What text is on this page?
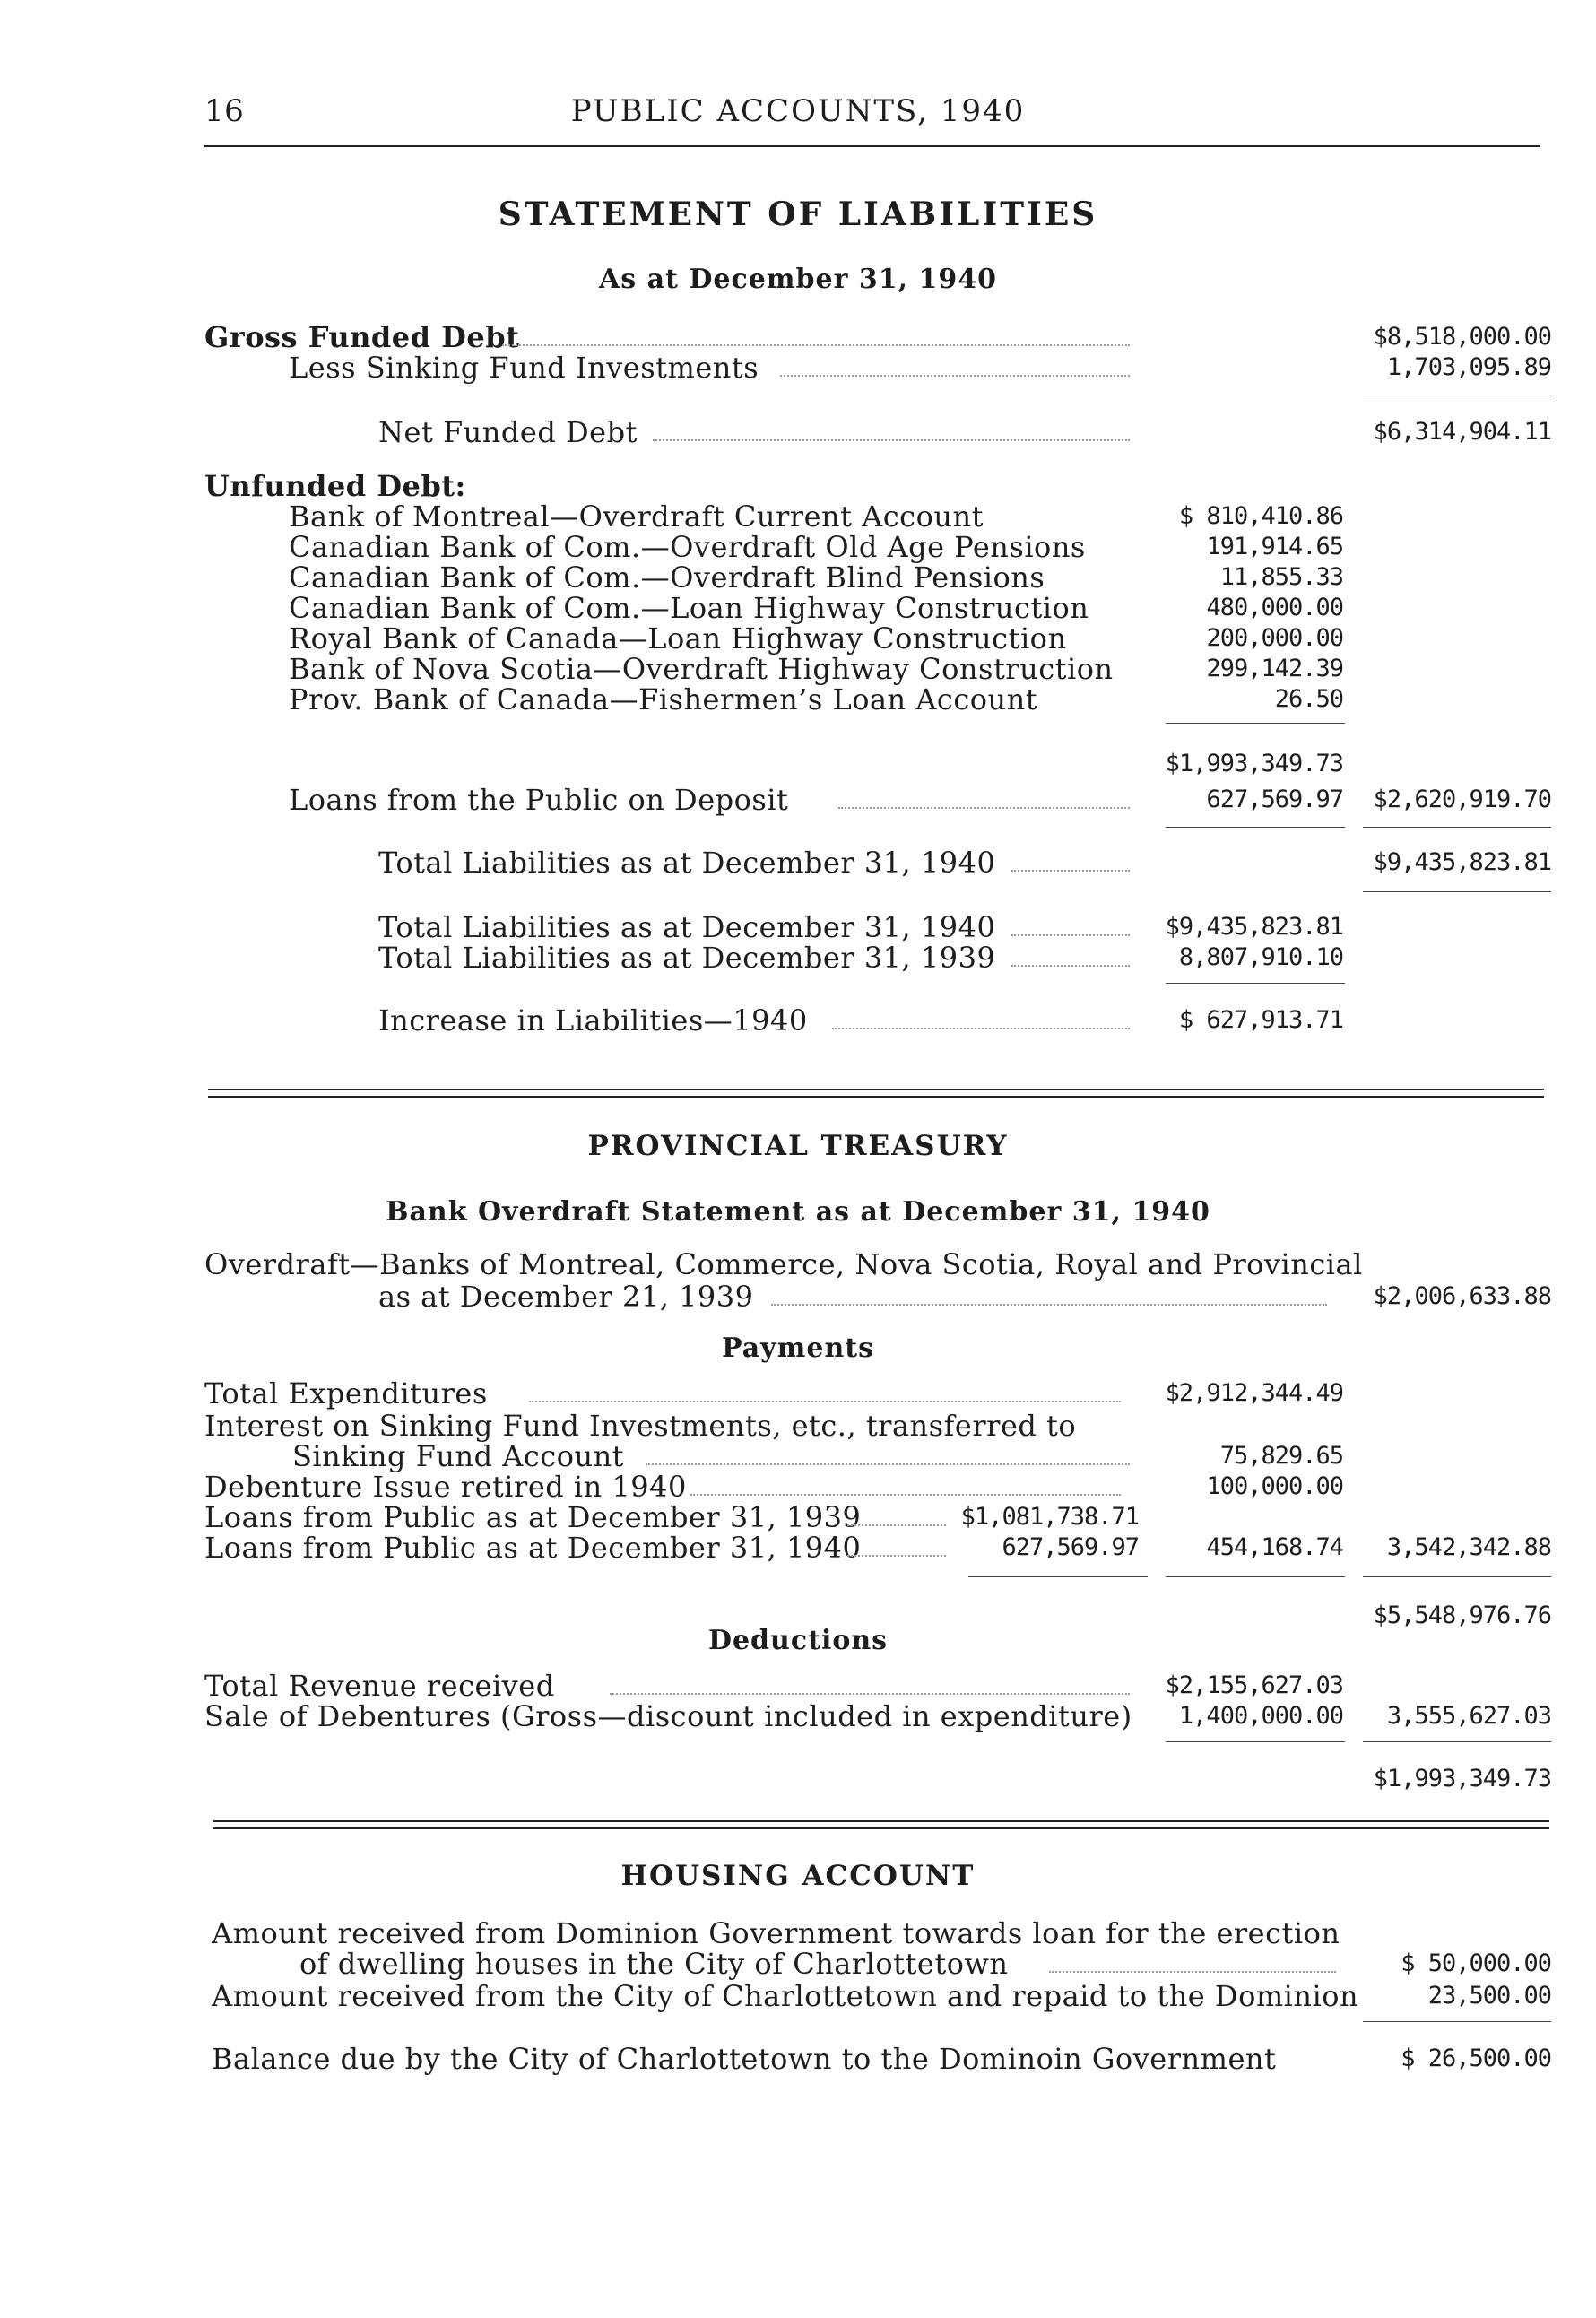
16	PUBLIC ACCOUNTS, 1940
STATEMENT OF LIABILITIES
As at December 31, 1940
Gross Funded Debt	$8,518,000.00
Less Sinking Fund Investments	1,703,095.89
Net Funded Debt	$6,314,904.11
Unfunded Debt:
Bank of Montreal—Overdraft Current Account	$ 810,410.86
Canadian Bank of Com.—Overdraft Old Age Pensions	191,914.65
Canadian Bank of Com.—Overdraft Blind Pensions	11,855.33
Canadian Bank of Com.—Loan Highway Construction	480,000.00
Royal Bank of Canada—Loan Highway Construction	200,000.00
Bank of Nova Scotia—Overdraft Highway Construction	299,142.39
Prov. Bank of Canada—Fishermen’s Loan Account	26.50
$1,993,349.73
Loans from the Public on Deposit	627,569.97 $2,620,919.70
Total Liabilities as at December 31, 1940	$9,435,823.81
Total Liabilities as at December 31, 1940	$9,435,823.81
Total Liabilities as at December 31, 1939	8,807,910.10
Increase in Liabilities—1940	$ 627,913.71
PROVINCIAL TREASURY
Bank Overdraft Statement as at December 31, 1940
Overdraft—Banks of Montreal, Commerce, Nova Scotia, Royal and Provincial
as at December 21, 1939	$2,006,633.88
Payments
Total Expenditures	$2,912,344.49
Interest on Sinking Fund Investments, etc., transferred to
Sinking Fund Account	75,829.65
Debenture Issue retired in 1940	100,000.00
Loans from Public as at December 31, 1939	$1,081,738.71
Loans from Public as at December 31, 1940	627,569.97	454,168.74 3,542,342.88
$5,548,976.76
Deductions
Total Revenue received	$2,155,627.03
Sale of Debentures (Gross—discount included in expenditure) 1,400,000.00 3,555,627.03
$1,993,349.73
HOUSING ACCOUNT
Amount received from Dominion Government towards loan for the erection
of dwelling houses in the City of Charlottetown	$ 50,000.00
Amount received from the City of Charlottetown and repaid to the Dominion	23,500.00
Balance due by the City of Charlottetown to the Dominoin Government	$ 26,500.00
